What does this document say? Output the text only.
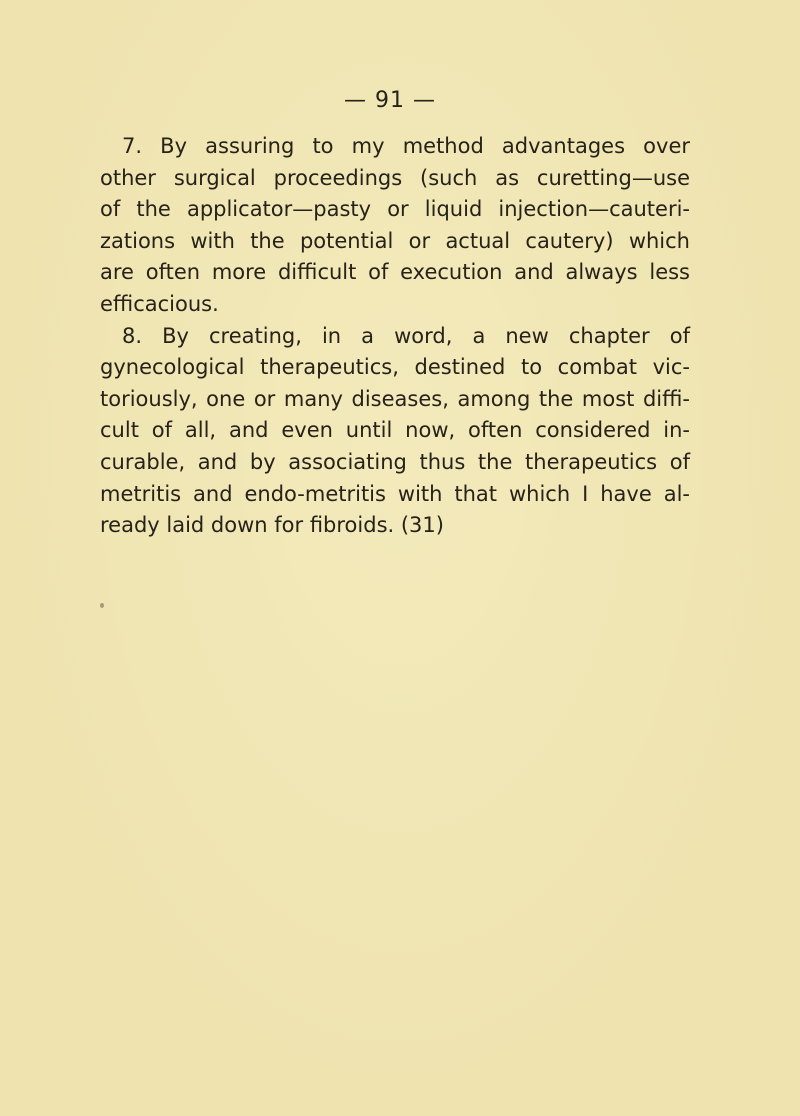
— 91 —
7. By assuring to my method advantages over
other surgical proceedings (such as curetting—use
of the applicator—pasty or liquid injection—cauteri-
zations with the potential or actual cautery) which
are often more difficult of execution and always less
efficacious.
8. By creating, in a word, a new chapter of
gynecological therapeutics, destined to combat vic-
toriously, one or many diseases, among the most diffi-
cult of all, and even until now, often considered in-
curable, and by associating thus the therapeutics of
metritis and endo-metritis with that which I have al-
ready laid down for fibroids. (31)
